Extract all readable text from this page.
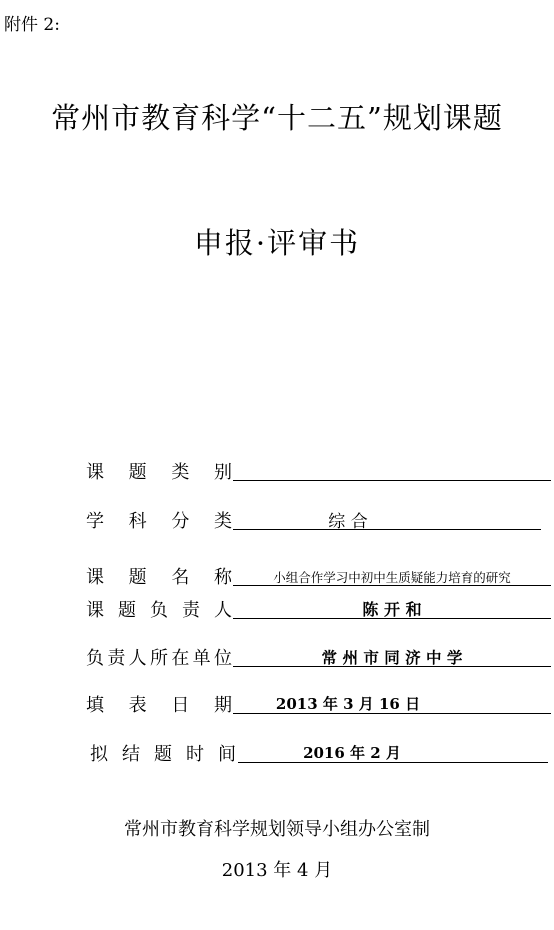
附件 2:
常州市教育科学“十二五”规划课题
申报·评审书
课 题 类 别
学 科 分 类	综 合
课 题 名 称	小组合作学习中初中生质疑能力培育的研究
课 题 负 责 人	陈 开 和
负 责 人 所 在 单 位	常 州 市 同 济 中 学
填 表 日 期	2013 年 3 月 16 日
拟 结 题 时 间	2016 年 2 月
常州市教育科学规划领导小组办公室制
2013 年 4 月
